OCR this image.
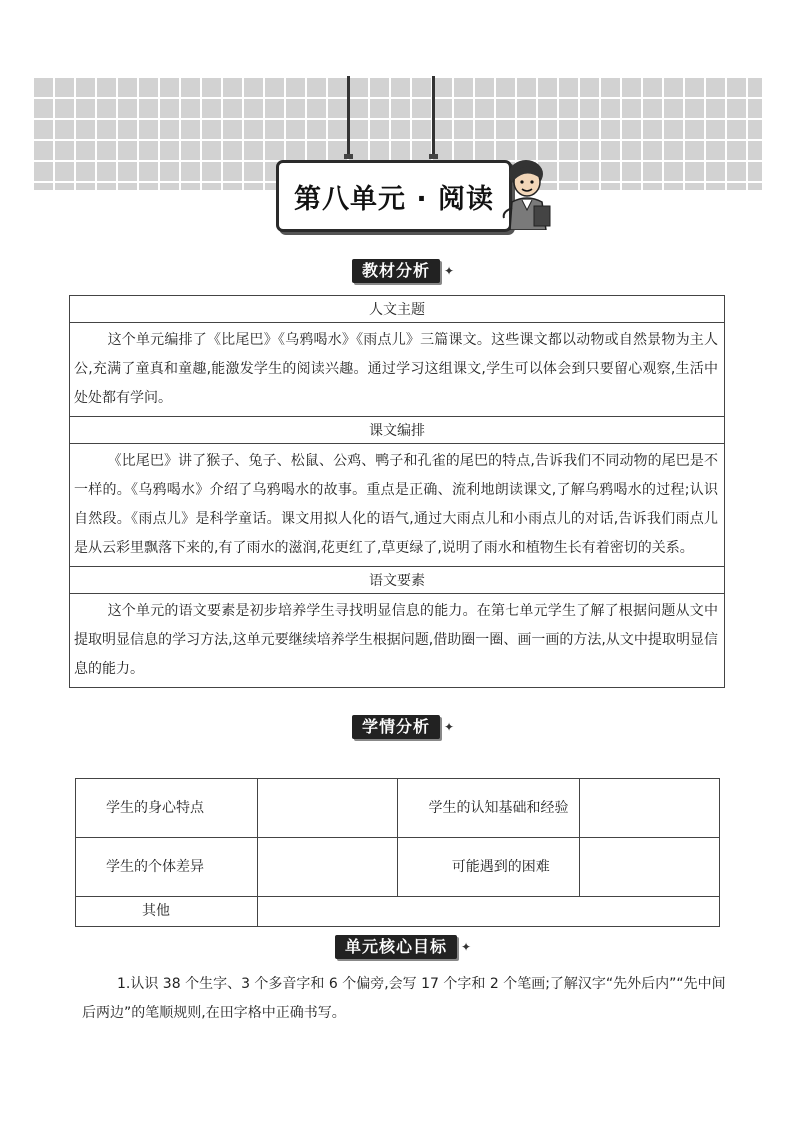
第八单元 · 阅读
教材分析	✦
人文主题
这个单元编排了《比尾巴》《乌鸦喝水》《雨点儿》三篇课文。这些课文都以动物或自然景物为主人公,充满了童真和童趣,能激发学生的阅读兴趣。通过学习这组课文,学生可以体会到只要留心观察,生活中处处都有学问。
课文编排
《比尾巴》讲了猴子、兔子、松鼠、公鸡、鸭子和孔雀的尾巴的特点,告诉我们不同动物的尾巴是不一样的。《乌鸦喝水》介绍了乌鸦喝水的故事。重点是正确、流利地朗读课文,了解乌鸦喝水的过程;认识自然段。《雨点儿》是科学童话。课文用拟人化的语气,通过大雨点儿和小雨点儿的对话,告诉我们雨点儿是从云彩里飘落下来的,有了雨水的滋润,花更红了,草更绿了,说明了雨水和植物生长有着密切的关系。
语文要素
这个单元的语文要素是初步培养学生寻找明显信息的能力。在第七单元学生了解了根据问题从文中提取明显信息的学习方法,这单元要继续培养学生根据问题,借助圈一圈、画一画的方法,从文中提取明显信息的能力。
学情分析	✦
学生的身心特点		学生的认知基础和经验	
学生的个体差异		可能遇到的困难	
其他			
单元核心目标	✦
1.认识 38 个生字、3 个多音字和 6 个偏旁,会写 17 个字和 2 个笔画;了解汉字“先外后内”“先中间后两边”的笔顺规则,在田字格中正确书写。
